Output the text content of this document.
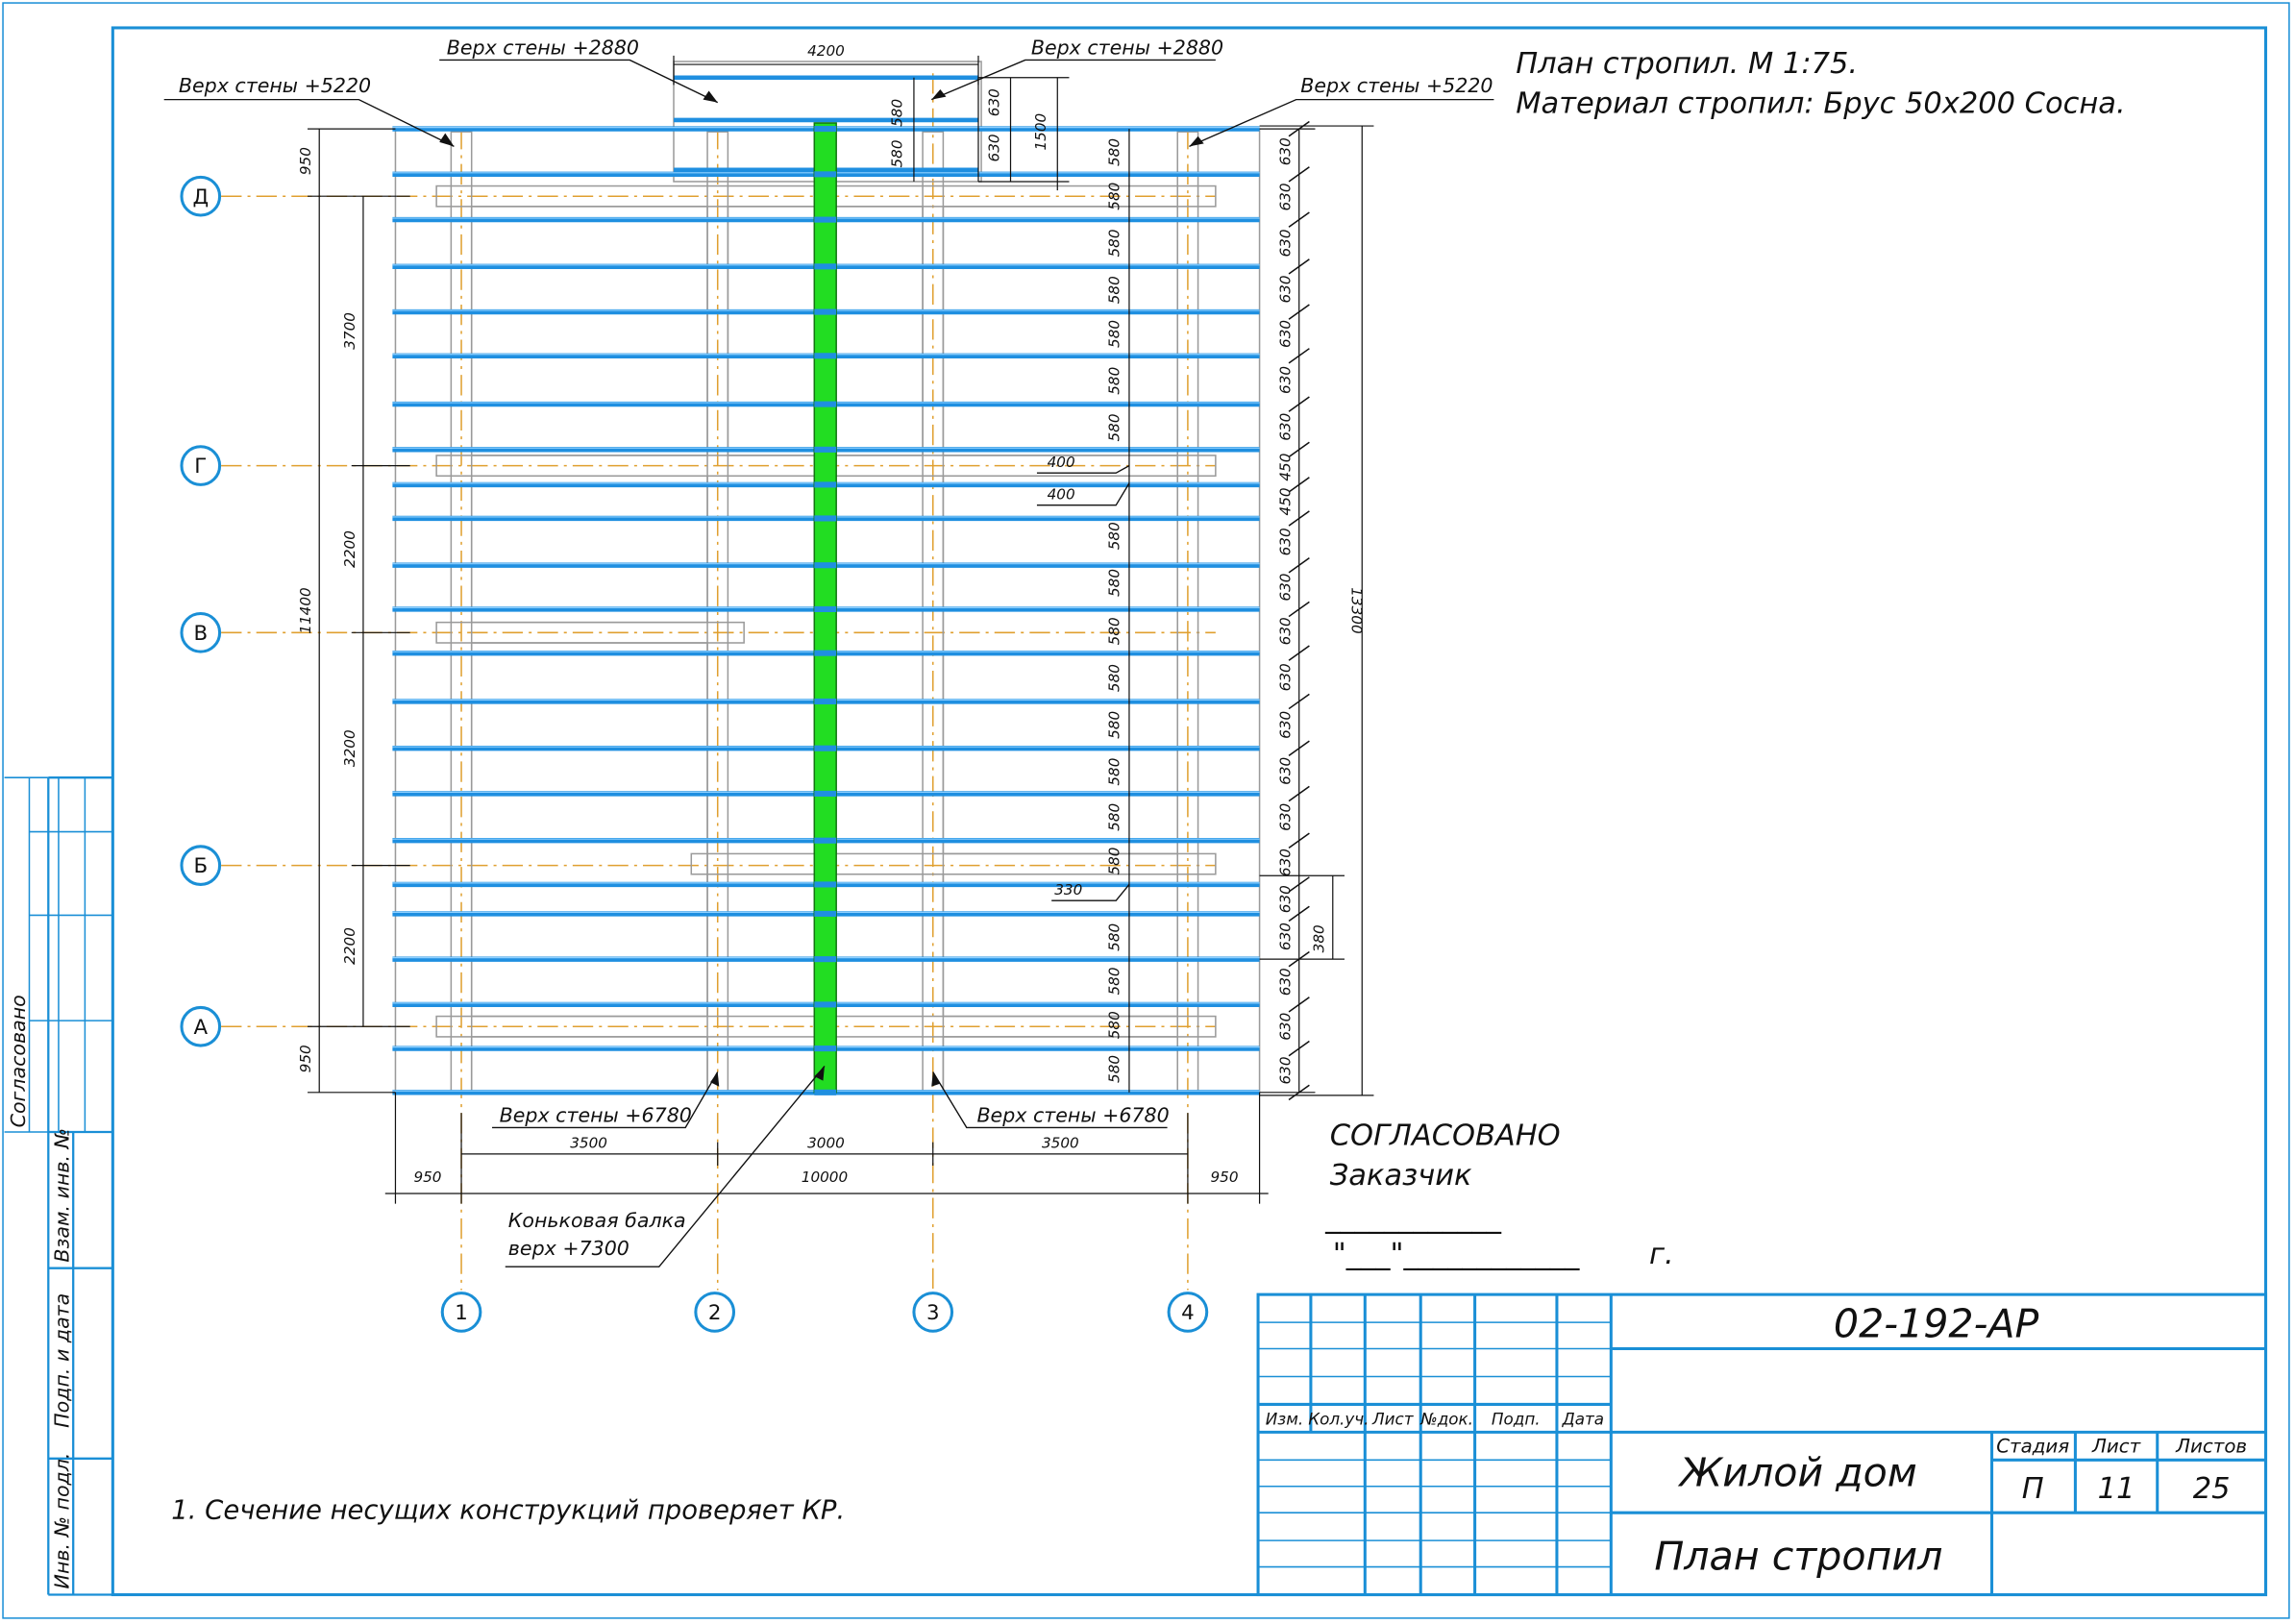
Согласовано
Взам. инв. №
Подп. и дата
Инв. № подл.
Д
Г
В
Б
А
1	2	3	4
План стропил. М 1:75.
Материал стропил: Брус 50х200 Сосна.
Верх стены +2880	Верх стены +2880
Верх стены +5220	Верх стены +5220
Верх стены +6780	Верх стены +6780
Коньковая балка
верх +7300
4200
3500	3000	3500
950	10000	950
950
3700
2200
3200
2200
950
11400	13300
380
400
400
330
580
580
630
630	1500
630
630
630
630
630
630
630
450
450
630
630
630
630
630
630
630
630
630
630
630
630
630
580
580
580
580
580
580
580
580
580
580
580
580
580
580
580
580
580
580
580
1. Сечение несущих конструкций проверяет КР.
СОГЛАСОВАНО
Заказчик
____________
"___"____________	г.
Изм. Кол.уч. Лист №док. Подп. Дата
02-192-АР
Жилой дом
План стропил
Стадия Лист	Листов
П	11	25
